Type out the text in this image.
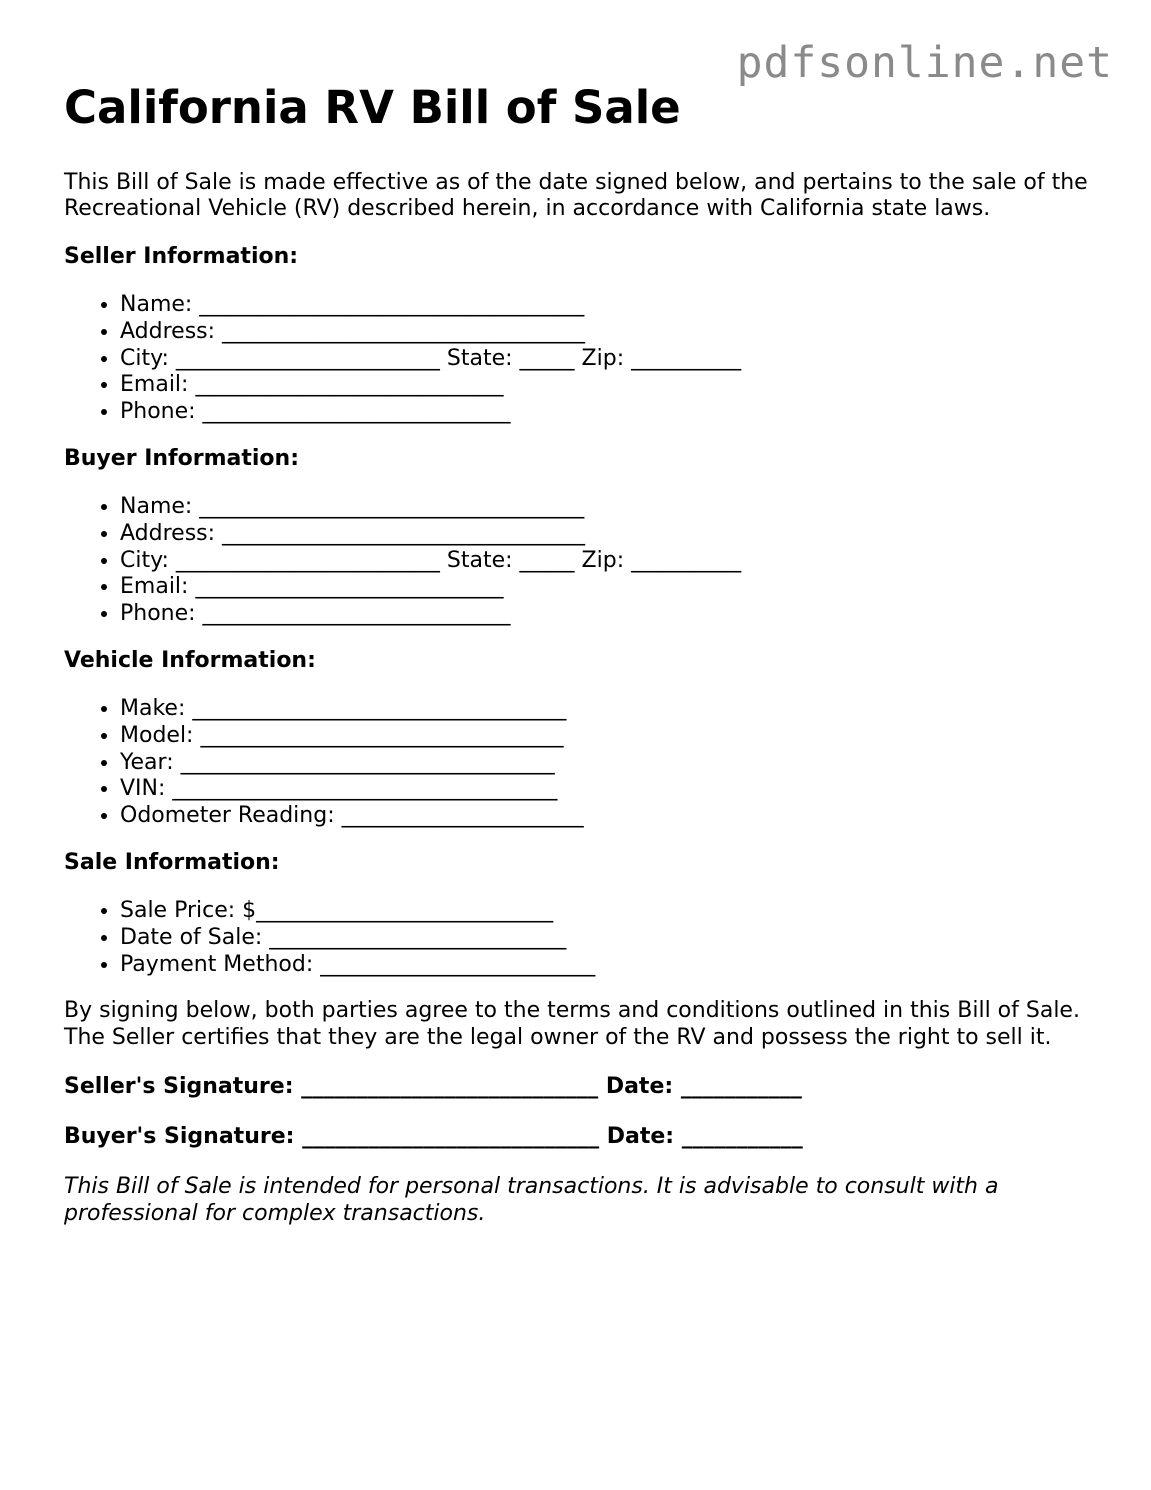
pdfsonline.net
California RV Bill of Sale

This Bill of Sale is made effective as of the date signed below, and pertains to the sale of the Recreational Vehicle (RV) described herein, in accordance with California state laws.

Seller Information:
• Name: ___________________________________
• Address: _________________________________
• City: ________________________ State: _____ Zip: __________
• Email: ____________________________
• Phone: ____________________________
Buyer Information:
• Name: ___________________________________
• Address: _________________________________
• City: ________________________ State: _____ Zip: __________
• Email: ____________________________
• Phone: ____________________________
Vehicle Information:
• Make: __________________________________
• Model: _________________________________
• Year: __________________________________
• VIN: ___________________________________
• Odometer Reading: ______________________
Sale Information:
• Sale Price: $___________________________
• Date of Sale: ___________________________
• Payment Method: _________________________

By signing below, both parties agree to the terms and conditions outlined in this Bill of Sale. The Seller certifies that they are the legal owner of the RV and possess the right to sell it.

Seller's Signature: ___________________________ Date: ___________
Buyer's Signature: ___________________________ Date: ___________

This Bill of Sale is intended for personal transactions. It is advisable to consult with a professional for complex transactions.
